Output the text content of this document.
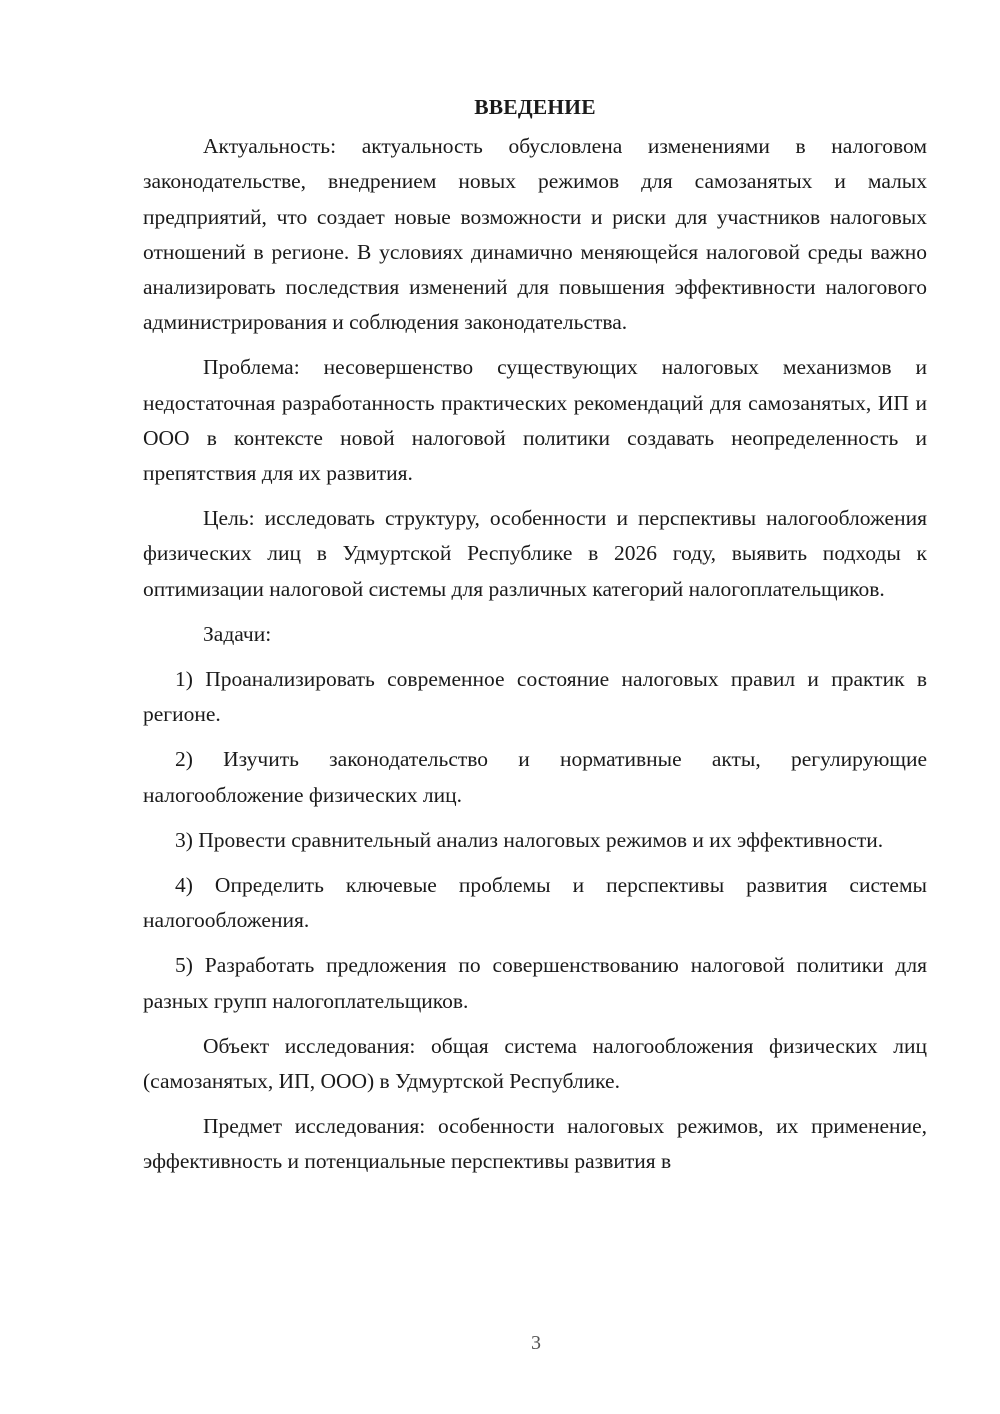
ВВЕДЕНИЕ

Актуальность: актуальность обусловлена изменениями в налоговом законодательстве, внедрением новых режимов для самозанятых и малых предприятий, что создает новые возможности и риски для участников налоговых отношений в регионе. В условиях динамично меняющейся налоговой среды важно анализировать последствия изменений для повышения эффективности налогового администрирования и соблюдения законодательства.

Проблема: несовершенство существующих налоговых механизмов и недостаточная разработанность практических рекомендаций для самозанятых, ИП и ООО в контексте новой налоговой политики создавать неопределенность и препятствия для их развития.

Цель: исследовать структуру, особенности и перспективы налогообложения физических лиц в Удмуртской Республике в 2026 году, выявить подходы к оптимизации налоговой системы для различных категорий налогоплательщиков.

Задачи:

1) Проанализировать современное состояние налоговых правил и практик в регионе.

2) Изучить законодательство и нормативные акты, регулирующие налогообложение физических лиц.

3) Провести сравнительный анализ налоговых режимов и их эффективности.

4) Определить ключевые проблемы и перспективы развития системы налогообложения.

5) Разработать предложения по совершенствованию налоговой политики для разных групп налогоплательщиков.

Объект исследования: общая система налогообложения физических лиц (самозанятых, ИП, ООО) в Удмуртской Республике.

Предмет исследования: особенности налоговых режимов, их применение, эффективность и потенциальные перспективы развития в

3
